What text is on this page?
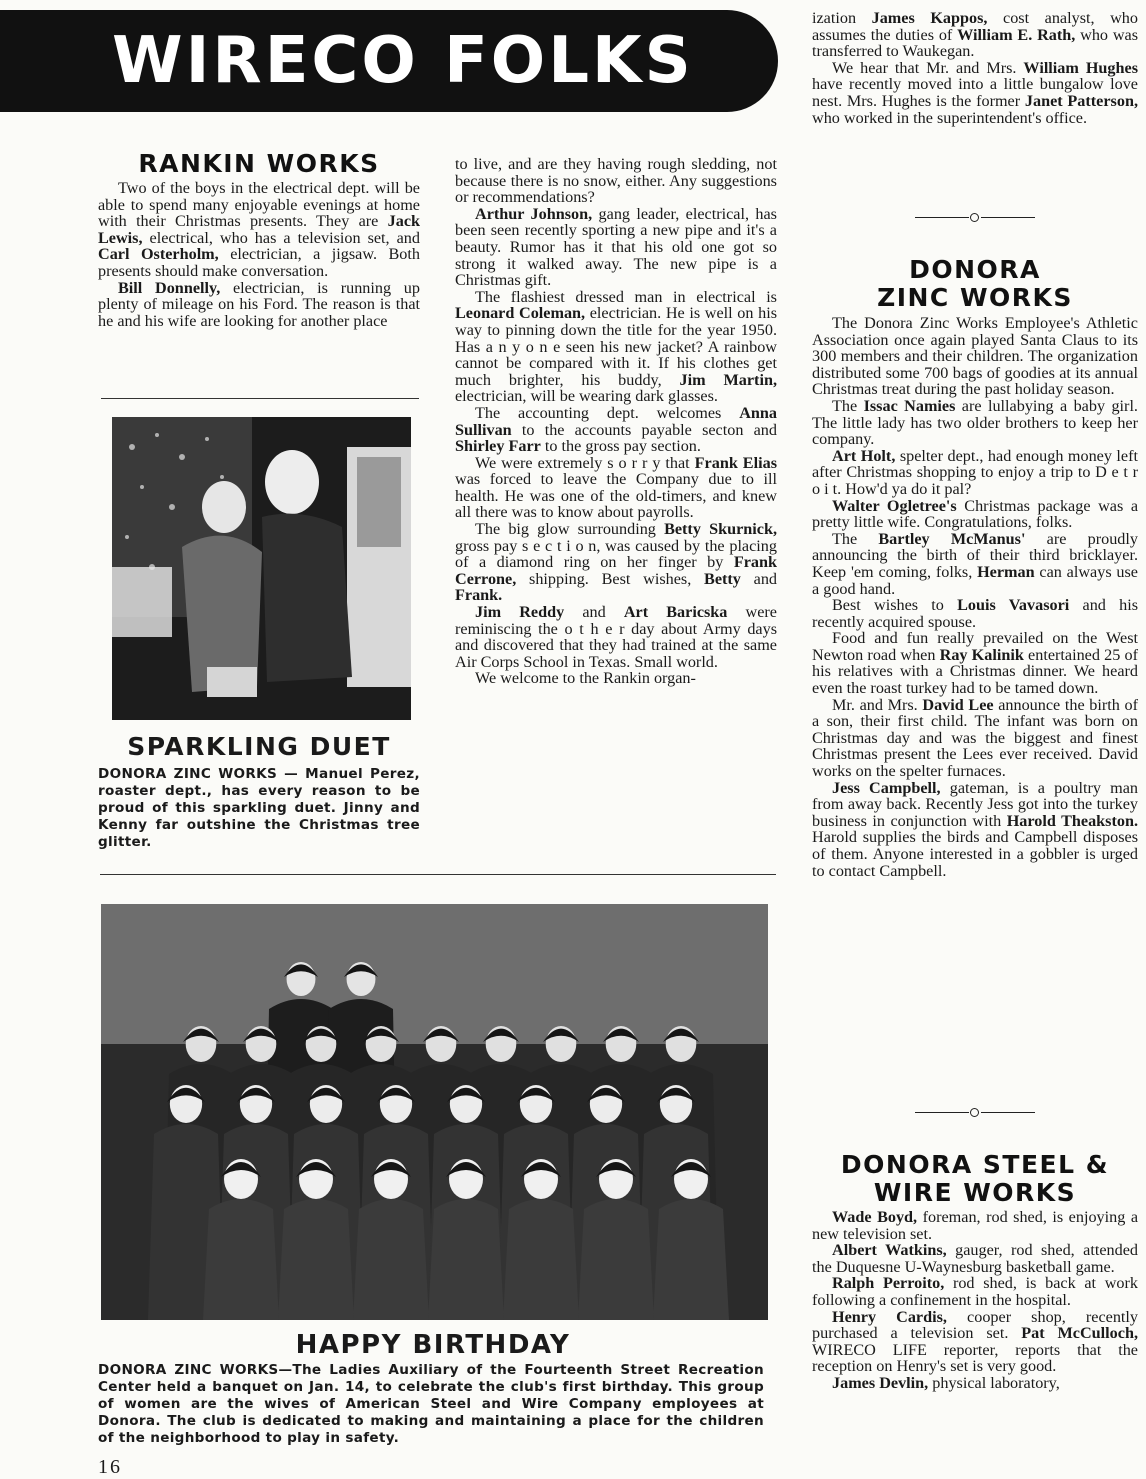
WIRECO FOLKS
RANKIN WORKS

Two of the boys in the electrical dept. will be able to spend many enjoyable evenings at home with their Christmas presents. They are Jack Lewis, electrical, who has a television set, and Carl Osterholm, electrician, a jigsaw. Both presents should make conversation.

Bill Donnelly, electrician, is running up plenty of mileage on his Ford. The reason is that he and his wife are looking for another place

SPARKLING DUET
DONORA ZINC WORKS — Manuel Perez, roaster dept., has every reason to be proud of this sparkling duet. Jinny and Kenny far outshine the Christmas tree glitter.

to live, and are they having rough sledding, not because there is no snow, either. Any suggestions or recommendations?

Arthur Johnson, gang leader, electrical, has been seen recently sporting a new pipe and it's a beauty. Rumor has it that his old one got so strong it walked away. The new pipe is a Christmas gift.

The flashiest dressed man in electrical is Leonard Coleman, electrician. He is well on his way to pinning down the title for the year 1950. Has a n y o n e seen his new jacket? A rainbow cannot be compared with it. If his clothes get much brighter, his buddy, Jim Martin, electrician, will be wearing dark glasses.

The accounting dept. welcomes Anna Sullivan to the accounts payable secton and Shirley Farr to the gross pay section.

We were extremely s o r r y that Frank Elias was forced to leave the Company due to ill health. He was one of the old-timers, and knew all there was to know about payrolls.

The big glow surrounding Betty Skurnick, gross pay s e c t i o n, was caused by the placing of a diamond ring on her finger by Frank Cerrone, shipping. Best wishes, Betty and Frank.

Jim Reddy and Art Baricska were reminiscing the o t h e r day about Army days and discovered that they had trained at the same Air Corps School in Texas. Small world.

We welcome to the Rankin organ-

HAPPY BIRTHDAY
DONORA ZINC WORKS—The Ladies Auxiliary of the Fourteenth Street Recreation Center held a banquet on Jan. 14, to celebrate the club's first birthday. This group of women are the wives of American Steel and Wire Company employees at Donora. The club is dedicated to making and maintaining a place for the children of the neighborhood to play in safety.

ization James Kappos, cost analyst, who assumes the duties of William E. Rath, who was transferred to Waukegan.

We hear that Mr. and Mrs. William Hughes have recently moved into a little bungalow love nest. Mrs. Hughes is the former Janet Patterson, who worked in the superintendent's office.

DONORA
ZINC WORKS

The Donora Zinc Works Employee's Athletic Association once again played Santa Claus to its 300 members and their children. The organization distributed some 700 bags of goodies at its annual Christmas treat during the past holiday season.

The Issac Namies are lullabying a baby girl. The little lady has two older brothers to keep her company.

Art Holt, spelter dept., had enough money left after Christmas shopping to enjoy a trip to D e t r o i t. How'd ya do it pal?

Walter Ogletree's Christmas package was a pretty little wife. Congratulations, folks.

The Bartley McManus' are proudly announcing the birth of their third bricklayer. Keep 'em coming, folks, Herman can always use a good hand.

Best wishes to Louis Vavasori and his recently acquired spouse.

Food and fun really prevailed on the West Newton road when Ray Kalinik entertained 25 of his relatives with a Christmas dinner. We heard even the roast turkey had to be tamed down.

Mr. and Mrs. David Lee announce the birth of a son, their first child. The infant was born on Christmas day and was the biggest and finest Christmas present the Lees ever received. David works on the spelter furnaces.

Jess Campbell, gateman, is a poultry man from away back. Recently Jess got into the turkey business in conjunction with Harold Theakston. Harold supplies the birds and Campbell disposes of them. Anyone interested in a gobbler is urged to contact Campbell.

DONORA STEEL &
WIRE WORKS

Wade Boyd, foreman, rod shed, is enjoying a new television set.

Albert Watkins, gauger, rod shed, attended the Duquesne U-Waynesburg basketball game.

Ralph Perroito, rod shed, is back at work following a confinement in the hospital.

Henry Cardis, cooper shop, recently purchased a television set. Pat McCulloch, WIRECO LIFE reporter, reports that the reception on Henry's set is very good.

James Devlin, physical laboratory,

16
